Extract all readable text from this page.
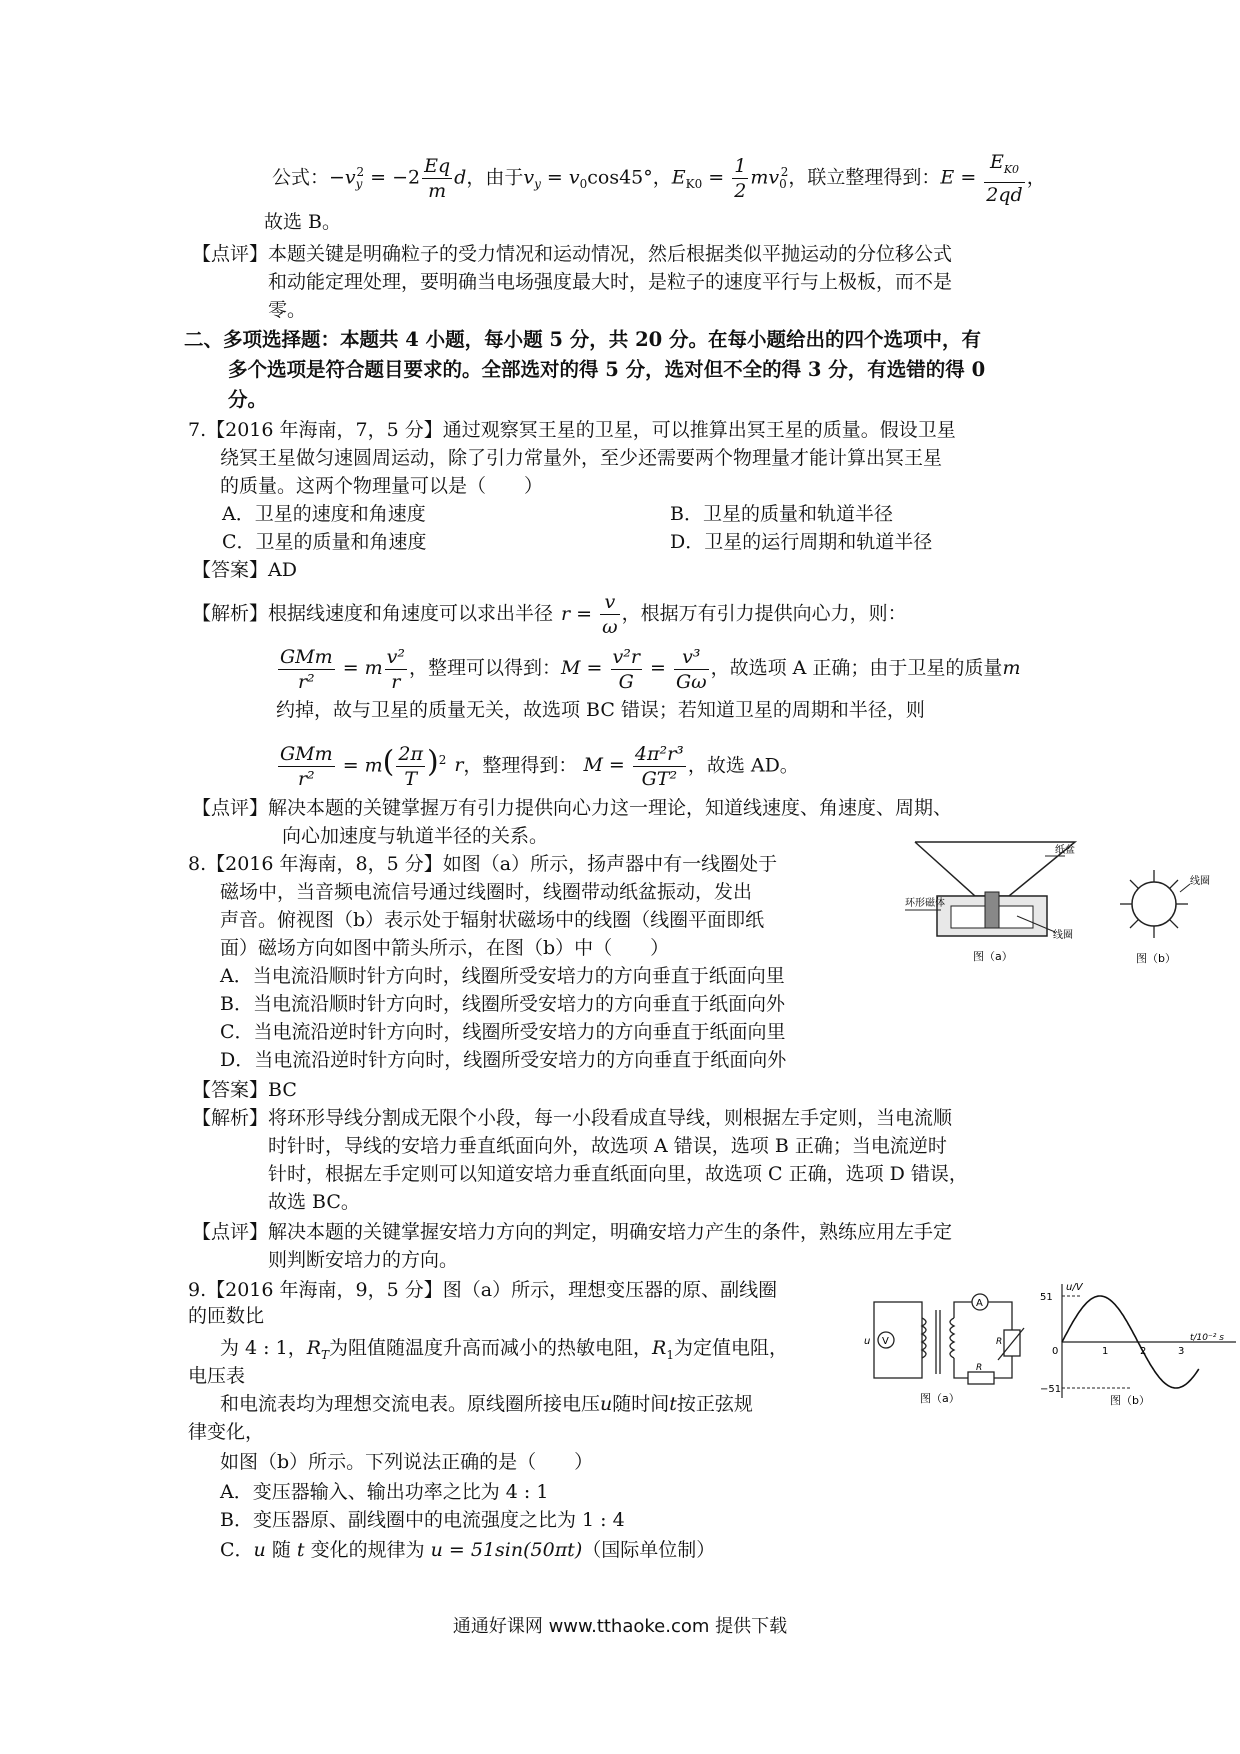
公式：$-v_y^2 = -2 \frac{Eq}{m}$ d，由于$v_y = v_0\cos 45^\circ$，$E_{K0} = \frac{1}{2} mv_0^2$，联立整理得到：$E = \frac{E_{K0}}{2qd}$ ，
故选 B。
【点评】 本题关键是明确粒子的受力情况和运动情况，然后根据类似平抛运动的分位移公式
和动能定理处理，要明确当电场强度最大时，是粒子的速度平行与上极板，而不是
零。
二、多项选择题：本题共 4 小题，每小题 5 分，共 20 分。在每小题给出的四个选项中，有
多个选项是符合题目要求的。全部选对的得 5 分，选对但不全的得 3 分，有选错的得 0
分。
7.【2016 年海南，7，5 分】通过观察冥王星的卫星，可以推算出冥王星的质量。假设卫星
绕冥王星做匀速圆周运动，除了引力常量外，至少还需要两个物理量才能计算出冥王星
的质量。这两个物理量可以是（　　）
A．卫星的速度和角速度	B．卫星的质量和轨道半径
C．卫星的质量和角速度	D．卫星的运行周期和轨道半径
【答案】AD
【解析】根据线速度和角速度可以求出半径 $r = \frac{v}{\omega}$ ，根据万有引力提供向心力，则：
$\frac{\text{GMm}}{\text{r²}} = m \frac{\text{v²}}{r}$ ，整理可以得到：$M = \frac{\text{v²r}}{G} = \frac{\text{v³}}{G\omega}$ ，故选项 A 正确；由于卫星的质量m
约掉，故与卫星的质量无关，故选项 BC 错误；若知道卫星的周期和半径，则
$\frac{\text{GMm}}{\text{r²}} = m( \frac{2\pi}{T} )^2$ r，整理得到： $M = \frac{\text{4π²r³}}{\text{GT²}}$ ，故选 AD。
【点评】 解决本题的关键掌握万有引力提供向心力这一理论，知道线速度、角速度、周期、
向心加速度与轨道半径的关系。
8.【2016 年海南，8，5 分】如图（a）所示，扬声器中有一线圈处于
磁场中，当音频电流信号通过线圈时，线圈带动纸盆振动，发出
声音。俯视图（b）表示处于辐射状磁场中的线圈（线圈平面即纸
面）磁场方向如图中箭头所示，在图（b）中（　　）
A．当电流沿顺时针方向时，线圈所受安培力的方向垂直于纸面向里
B．当电流沿顺时针方向时，线圈所受安培力的方向垂直于纸面向外
C．当电流沿逆时针方向时，线圈所受安培力的方向垂直于纸面向里
D．当电流沿逆时针方向时，线圈所受安培力的方向垂直于纸面向外
【答案】BC
【解析】 将环形导线分割成无限个小段，每一小段看成直导线，则根据左手定则，当电流顺
时针时，导线的安培力垂直纸面向外，故选项 A 错误，选项 B 正确；当电流逆时
针时，根据左手定则可以知道安培力垂直纸面向里，故选项 C 正确，选项 D 错误，
故选 BC。
【点评】 解决本题的关键掌握安培力方向的判定，明确安培力产生的条件，熟练应用左手定
则判断安培力的方向。
纸盆
线圈
环形磁体
图（a）
线圈
图（b）
9.【2016 年海南，9，5 分】图（a）所示，理想变压器的原、副线圈
的匝数比
为 4 : 1，$R_T$为阻值随温度升高而减小的热敏电阻，$R_1$为定值电阻，
电压表
和电流表均为理想交流电表。原线圈所接电压u随时间t按正弦规
律变化，
如图（b）所示。下列说法正确的是（　　）
A．变压器输入、输出功率之比为 4 : 1
B．变压器原、副线圈中的电流强度之比为 1 : 4
C．u 随 t 变化的规律为 u = 51sin(50πt)（国际单位制）
u V
A
R
R
图（a）
u/V
51
−51
0	1	2	3
t/10⁻² s
图（b）
通通好课网 www.tthaoke.com 提供下载
